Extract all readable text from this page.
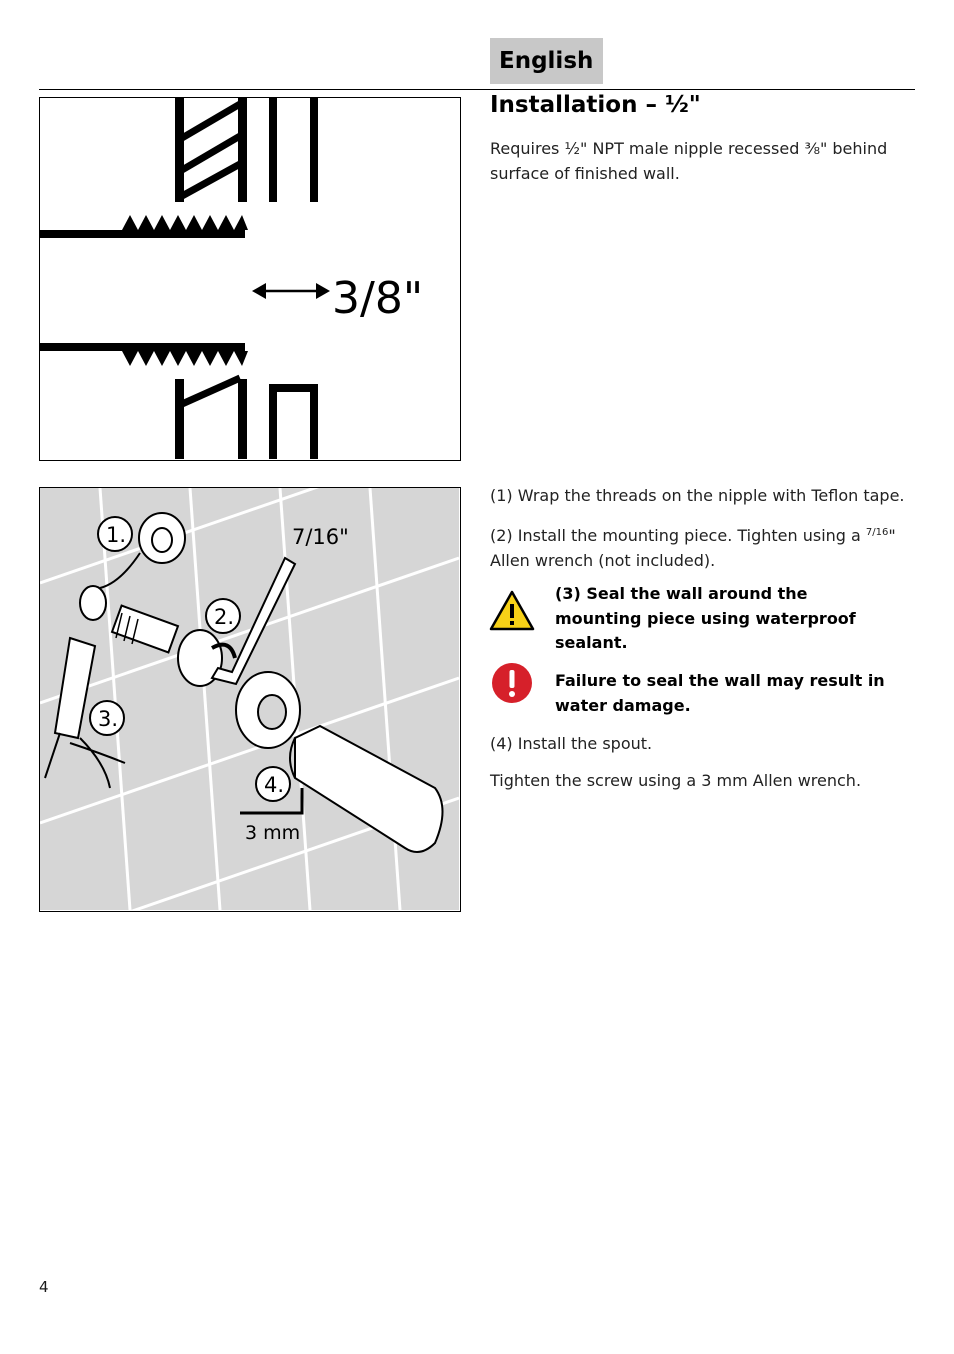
English
Installation – ½"
Requires ½" NPT male nipple recessed ⅜" behind
surface of finished wall.
3/8"
1.
2.
3.
4.
7/16"
3 mm
(1) Wrap the threads on the nipple with Teflon tape.
(2) Install the mounting piece. Tighten using a $^{7/16}$"
Allen wrench (not included).
(3) Seal the wall around the mounting piece using waterproof sealant.
Failure to seal the wall may result in water damage.
(4) Install the spout.
Tighten the screw using a 3 mm Allen wrench.
4
